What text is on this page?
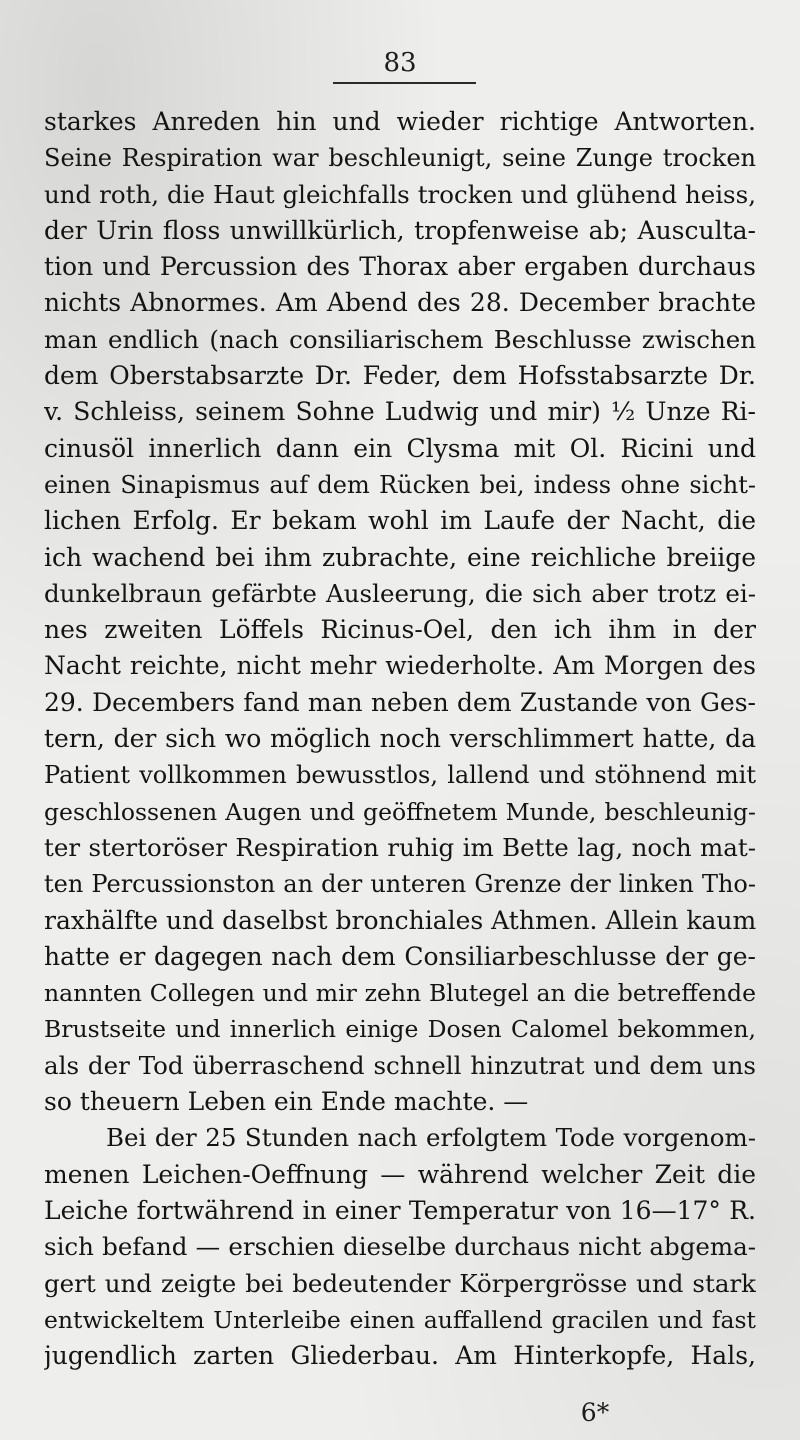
83
starkes Anreden hin und wieder richtige Antworten.
Seine Respiration war beschleunigt, seine Zunge trocken
und roth, die Haut gleichfalls trocken und glühend heiss,
der Urin floss unwillkürlich, tropfenweise ab; Ausculta-
tion und Percussion des Thorax aber ergaben durchaus
nichts Abnormes. Am Abend des 28. December brachte
man endlich (nach consiliarischem Beschlusse zwischen
dem Oberstabsarzte Dr. Feder, dem Hofsstabsarzte Dr.
v. Schleiss, seinem Sohne Ludwig und mir) ½ Unze Ri-
cinusöl innerlich dann ein Clysma mit Ol. Ricini und
einen Sinapismus auf dem Rücken bei, indess ohne sicht-
lichen Erfolg. Er bekam wohl im Laufe der Nacht, die
ich wachend bei ihm zubrachte, eine reichliche breiige
dunkelbraun gefärbte Ausleerung, die sich aber trotz ei-
nes zweiten Löffels Ricinus-Oel, den ich ihm in der
Nacht reichte, nicht mehr wiederholte. Am Morgen des
29. Decembers fand man neben dem Zustande von Ges-
tern, der sich wo möglich noch verschlimmert hatte, da
Patient vollkommen bewusstlos, lallend und stöhnend mit
geschlossenen Augen und geöffnetem Munde, beschleunig-
ter stertoröser Respiration ruhig im Bette lag, noch mat-
ten Percussionston an der unteren Grenze der linken Tho-
raxhälfte und daselbst bronchiales Athmen. Allein kaum
hatte er dagegen nach dem Consiliarbeschlusse der ge-
nannten Collegen und mir zehn Blutegel an die betreffende
Brustseite und innerlich einige Dosen Calomel bekommen,
als der Tod überraschend schnell hinzutrat und dem uns
so theuern Leben ein Ende machte. —
Bei der 25 Stunden nach erfolgtem Tode vorgenom-
menen Leichen-Oeffnung — während welcher Zeit die
Leiche fortwährend in einer Temperatur von 16—17° R.
sich befand — erschien dieselbe durchaus nicht abgema-
gert und zeigte bei bedeutender Körpergrösse und stark
entwickeltem Unterleibe einen auffallend gracilen und fast
jugendlich zarten Gliederbau. Am Hinterkopfe, Hals,
6*
